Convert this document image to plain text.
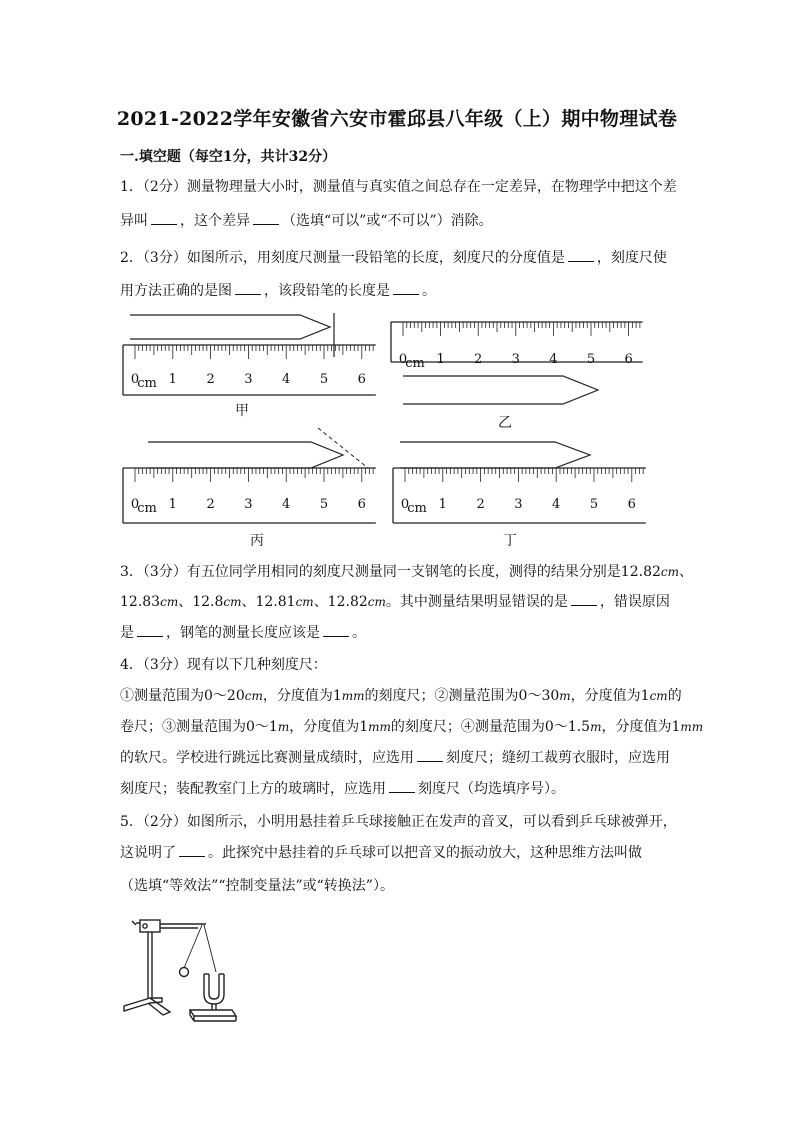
2021-2022学年安徽省六安市霍邱县八年级（上）期中物理试卷
一.填空题（每空1分，共计32分）
1．（2分）测量物理量大小时，测量值与真实值之间总存在一定差异，在物理学中把这个差
异叫 ，这个差异 （选填“可以”或“不可以”）消除。
2．（3分）如图所示，用刻度尺测量一段铅笔的长度，刻度尺的分度值是 ，刻度尺使
用方法正确的是图 ，该段铅笔的长度是 。
0
cm 1 2 3 4 5 6
甲
0
cm 1 2 3 4 5 6
乙
0
cm 1 2 3 4 5 6
丙
0
cm 1 2 3 4 5 6
丁
3．（3分）有五位同学用相同的刻度尺测量同一支钢笔的长度，测得的结果分别是12.82cm、
12.83cm、12.8cm、12.81cm、12.82cm。其中测量结果明显错误的是 ，错误原因
是 ，钢笔的测量长度应该是 。
4．（3分）现有以下几种刻度尺：
①测量范围为0～20cm，分度值为1mm的刻度尺；②测量范围为0～30m，分度值为1cm的
卷尺；③测量范围为0～1m，分度值为1mm的刻度尺；④测量范围为0～1.5m，分度值为1mm
的软尺。学校进行跳远比赛测量成绩时，应选用 刻度尺；缝纫工裁剪衣服时，应选用
刻度尺；装配教室门上方的玻璃时，应选用 刻度尺（均选填序号）。
5．（2分）如图所示，小明用悬挂着乒乓球接触正在发声的音叉，可以看到乒乓球被弹开，
这说明了 。此探究中悬挂着的乒乓球可以把音叉的振动放大，这种思维方法叫做
（选填“等效法”“控制变量法”或“转换法”）。
